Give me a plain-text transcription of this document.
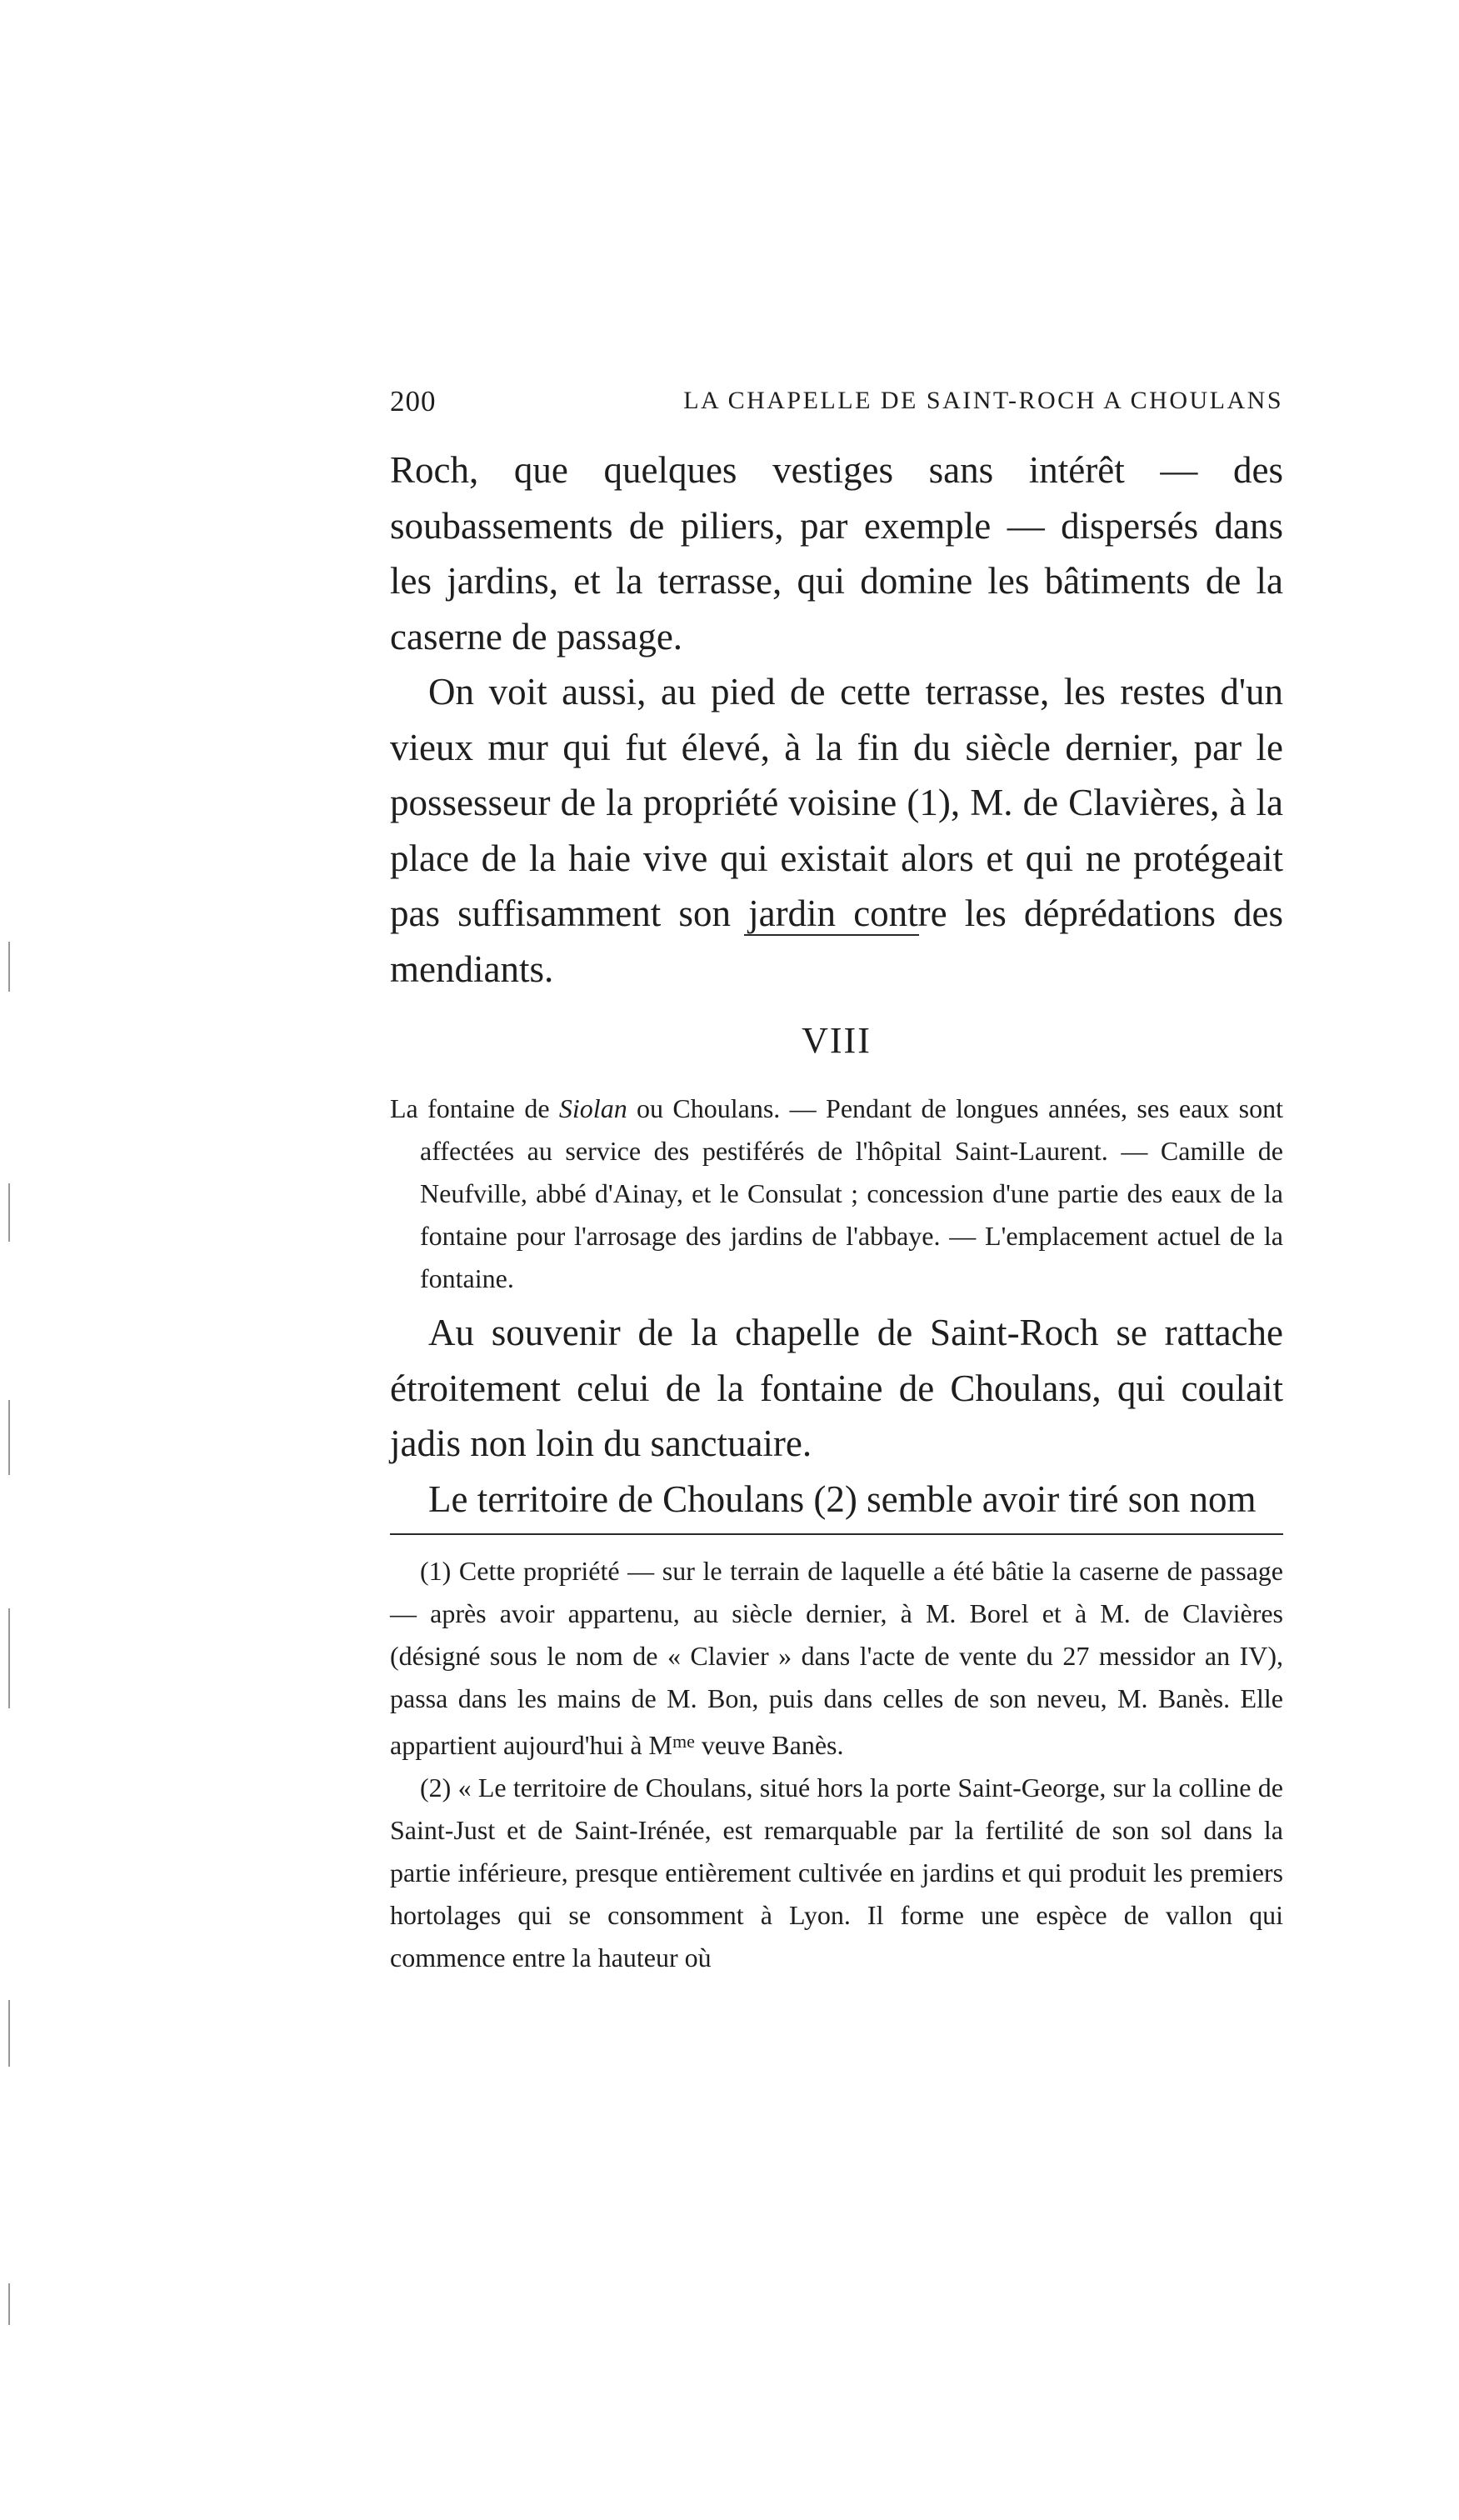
200	LA CHAPELLE DE SAINT-ROCH A CHOULANS

Roch, que quelques vestiges sans intérêt — des soubassements de piliers, par exemple — dispersés dans les jardins, et la terrasse, qui domine les bâtiments de la caserne de passage.

On voit aussi, au pied de cette terrasse, les restes d'un vieux mur qui fut élevé, à la fin du siècle dernier, par le possesseur de la propriété voisine (1), M. de Clavières, à la place de la haie vive qui existait alors et qui ne protégeait pas suffisamment son jardin contre les déprédations des mendiants.

VIII

La fontaine de Siolan ou Choulans. — Pendant de longues années, ses eaux sont affectées au service des pestiférés de l'hôpital Saint-Laurent. — Camille de Neufville, abbé d'Ainay, et le Consulat ; concession d'une partie des eaux de la fontaine pour l'arrosage des jardins de l'abbaye. — L'emplacement actuel de la fontaine.

Au souvenir de la chapelle de Saint-Roch se rattache étroitement celui de la fontaine de Choulans, qui coulait jadis non loin du sanctuaire.

Le territoire de Choulans (2) semble avoir tiré son nom

(1) Cette propriété — sur le terrain de laquelle a été bâtie la caserne de passage — après avoir appartenu, au siècle dernier, à M. Borel et à M. de Clavières (désigné sous le nom de « Clavier » dans l'acte de vente du 27 messidor an IV), passa dans les mains de M. Bon, puis dans celles de son neveu, M. Banès. Elle appartient aujourd'hui à $M^{me}$ veuve Banès.

(2) « Le territoire de Choulans, situé hors la porte Saint-George, sur la colline de Saint-Just et de Saint-Irénée, est remarquable par la fertilité de son sol dans la partie inférieure, presque entièrement cultivée en jardins et qui produit les premiers hortolages qui se consomment à Lyon. Il forme une espèce de vallon qui commence entre la hauteur où
